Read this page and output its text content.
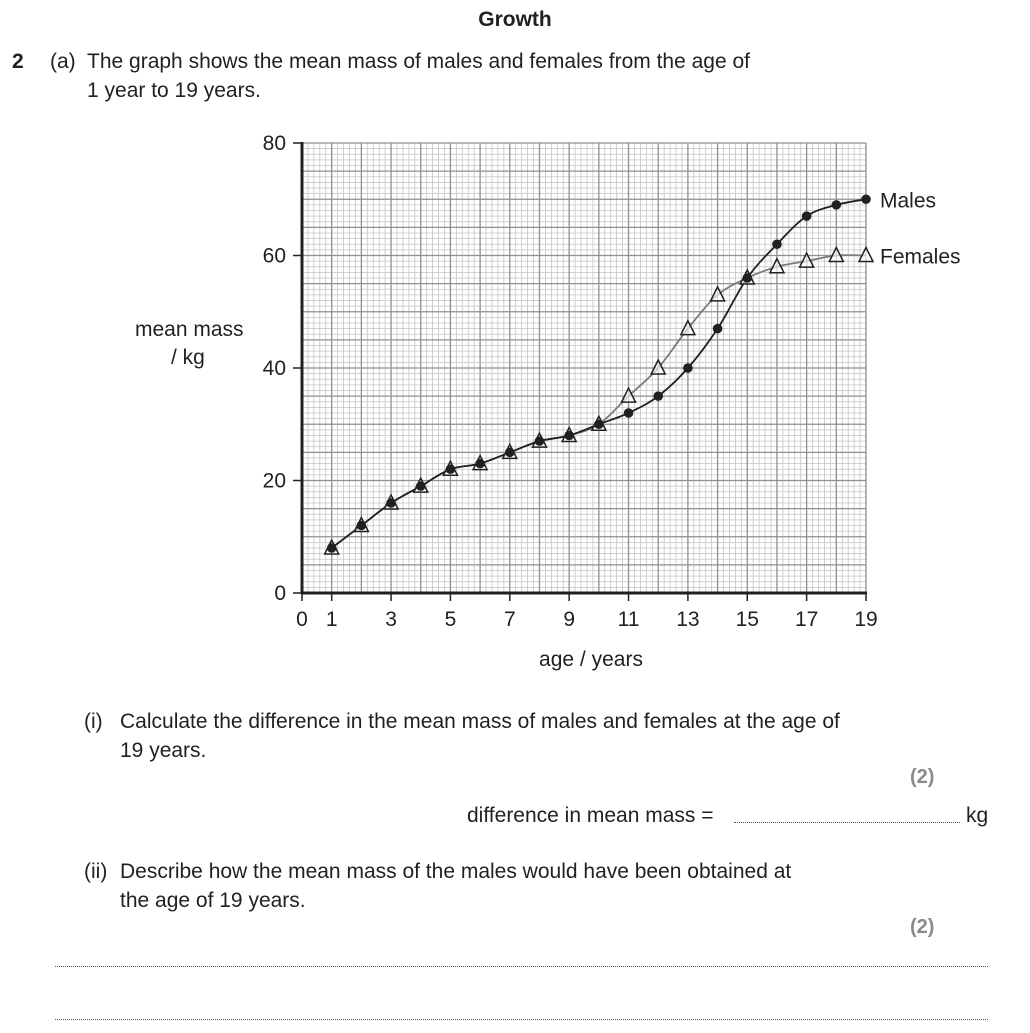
Growth
2 (a) The graph shows the mean mass of males and females from the age of
1 year to 19 years.
mean mass
/ kg
0 1 3 5 7 9 11 13 15 17 19
0
20
40
60
80
Males
Females
age / years
(i) Calculate the difference in the mean mass of males and females at the age of
19 years.
(2)
difference in mean mass =	kg
(ii) Describe how the mean mass of the males would have been obtained at
the age of 19 years.
(2)
